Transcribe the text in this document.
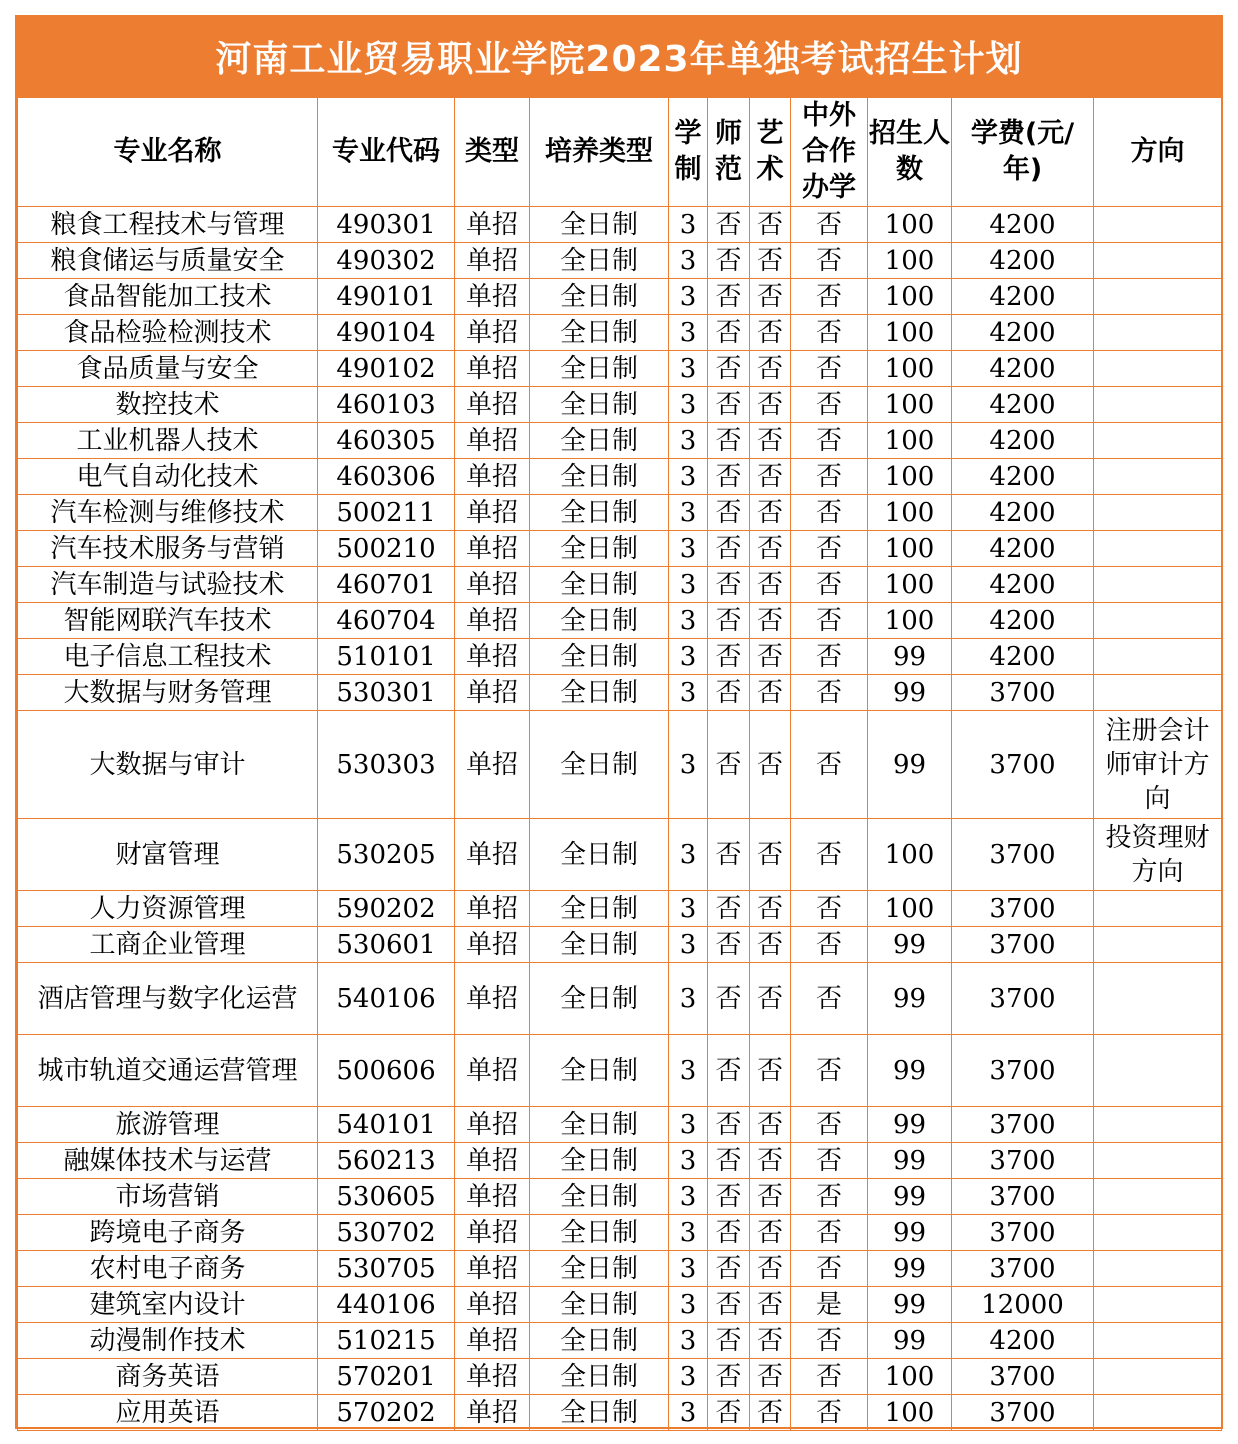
河南工业贸易职业学院2023年单独考试招生计划
专业名称	专业代码	类型	培养类型	学制	师范	艺术	中外合作办学	招生人数	学费(元/年)	方向
粮食工程技术与管理	490301	单招	全日制	3	否	否	否	100	4200	
粮食储运与质量安全	490302	单招	全日制	3	否	否	否	100	4200	
食品智能加工技术	490101	单招	全日制	3	否	否	否	100	4200	
食品检验检测技术	490104	单招	全日制	3	否	否	否	100	4200	
食品质量与安全	490102	单招	全日制	3	否	否	否	100	4200	
数控技术	460103	单招	全日制	3	否	否	否	100	4200	
工业机器人技术	460305	单招	全日制	3	否	否	否	100	4200	
电气自动化技术	460306	单招	全日制	3	否	否	否	100	4200	
汽车检测与维修技术	500211	单招	全日制	3	否	否	否	100	4200	
汽车技术服务与营销	500210	单招	全日制	3	否	否	否	100	4200	
汽车制造与试验技术	460701	单招	全日制	3	否	否	否	100	4200	
智能网联汽车技术	460704	单招	全日制	3	否	否	否	100	4200	
电子信息工程技术	510101	单招	全日制	3	否	否	否	99	4200	
大数据与财务管理	530301	单招	全日制	3	否	否	否	99	3700	
大数据与审计	530303	单招	全日制	3	否	否	否	99	3700	注册会计师审计方向
财富管理	530205	单招	全日制	3	否	否	否	100	3700	投资理财方向
人力资源管理	590202	单招	全日制	3	否	否	否	100	3700	
工商企业管理	530601	单招	全日制	3	否	否	否	99	3700	
酒店管理与数字化运营	540106	单招	全日制	3	否	否	否	99	3700	
城市轨道交通运营管理	500606	单招	全日制	3	否	否	否	99	3700	
旅游管理	540101	单招	全日制	3	否	否	否	99	3700	
融媒体技术与运营	560213	单招	全日制	3	否	否	否	99	3700	
市场营销	530605	单招	全日制	3	否	否	否	99	3700	
跨境电子商务	530702	单招	全日制	3	否	否	否	99	3700	
农村电子商务	530705	单招	全日制	3	否	否	否	99	3700	
建筑室内设计	440106	单招	全日制	3	否	否	是	99	12000	
动漫制作技术	510215	单招	全日制	3	否	否	否	99	4200	
商务英语	570201	单招	全日制	3	否	否	否	100	3700	
应用英语	570202	单招	全日制	3	否	否	否	100	3700	
